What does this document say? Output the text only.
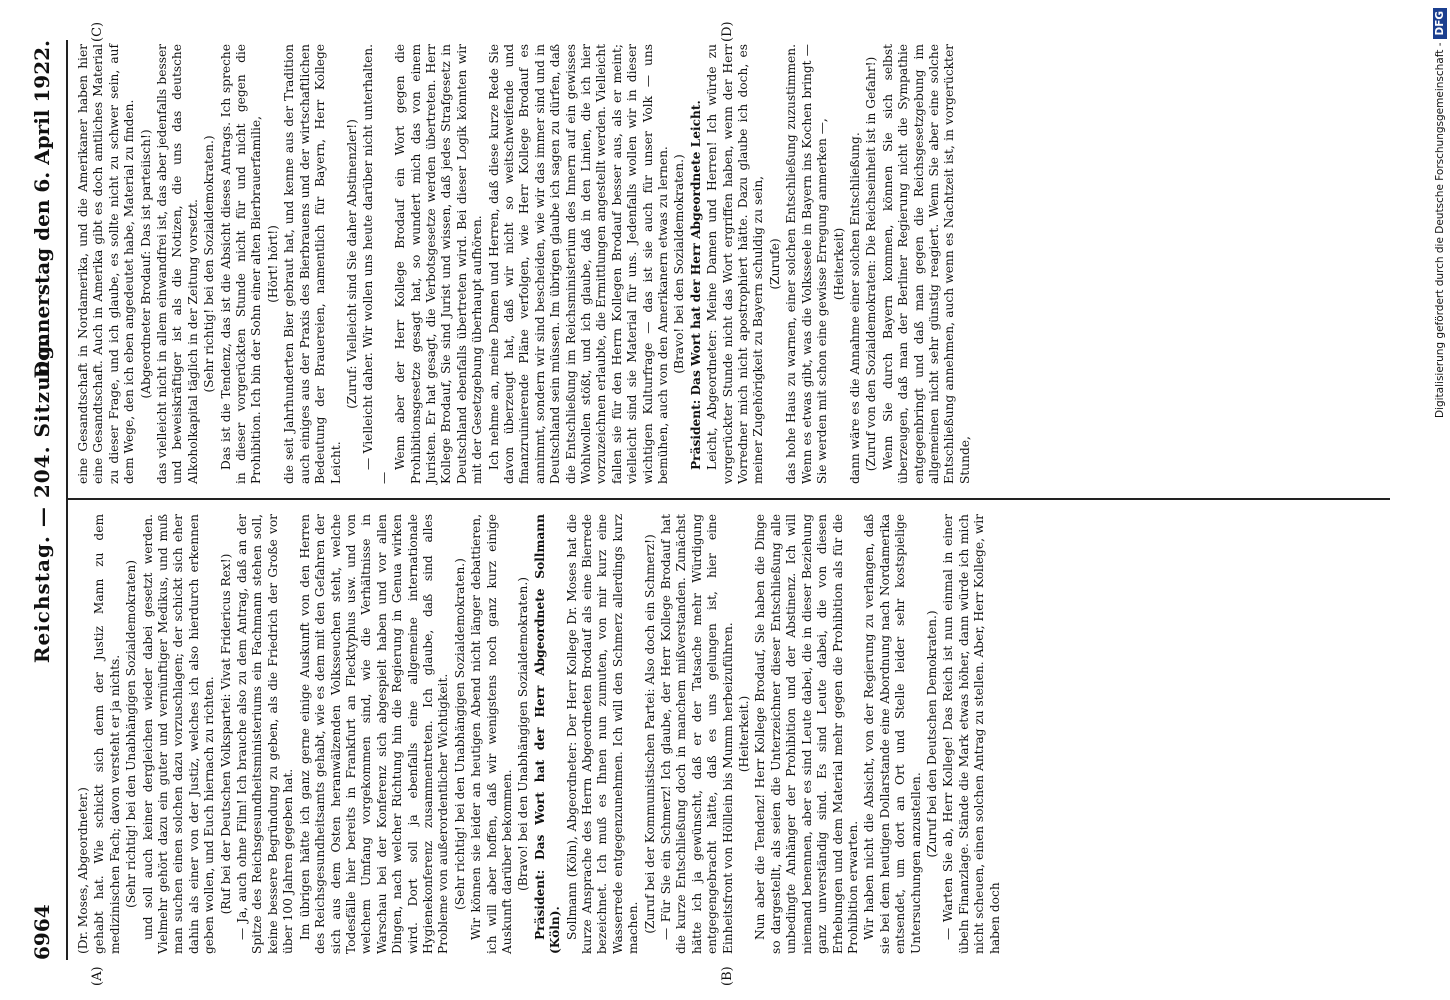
6964
Reichstag. — 204. Sitzung.
Donnerstag den 6. April 1922.
(A)	(B)
(C)	(D)

(Dr. Moses, Abgeordneter.) gehabt hat. Wie schickt sich denn der Justiz Mann zu dem medizinischen Fach; davon versteht er ja nichts. (Sehr richtig! bei den Unabhängigen Sozialdemokraten) und soll auch keiner dergleichen wieder dabei gesetzt werden. Vielmehr gehört dazu ein guter und vernünftiger Medikus, und muß man suchen einen solchen dazu vorzuschlagen; der schickt sich eher dahin als einer von der Justiz, welches ich also hierdurch erkennen geben wollen, und Euch hiernach zu richten. (Ruf bei der Deutschen Volkspartei: Vivat Fridericus Rex!) — Ja, auch ohne Film! Ich brauche also zu dem Antrag, daß an der Spitze des Reichsgesundheitsministeriums ein Fachmann stehen soll, keine bessere Begründung zu geben, als die Friedrich der Große vor über 100 Jahren gegeben hat. Im übrigen hätte ich ganz gerne einige Auskunft von den Herren des Reichsgesundheitsamts gehabt, wie es dem mit den Gefahren der sich aus dem Osten heranwälzenden Volksseuchen steht, welche Todesfälle hier bereits in Frankfurt an Flecktyphus usw. und von welchem Umfang vorgekommen sind, wie die Verhältnisse in Warschau bei der Konferenz sich abgespielt haben und vor allen Dingen, nach welcher Richtung hin die Regierung in Genua wirken wird. Dort soll ja ebenfalls eine allgemeine internationale Hygienekonferenz zusammentreten. Ich glaube, daß sind alles Probleme von außerordentlicher Wichtigkeit. (Sehr richtig! bei den Unabhängigen Sozialdemokraten.) Wir können sie leider an heutigen Abend nicht länger debattieren, ich will aber hoffen, daß wir wenigstens noch ganz kurz einige Auskunft darüber bekommen. (Bravo! bei den Unabhängigen Sozialdemokraten.) Präsident: Das Wort hat der Herr Abgeordnete Sollmann (Köln). Sollmann (Köln), Abgeordneter: Der Herr Kollege Dr. Moses hat die kurze Ansprache des Herrn Abgeordneten Brodauf als eine Bierrede bezeichnet. Ich muß es Ihnen nun zumuten, von mir kurz eine Wasserrede entgegenzunehmen. Ich will den Schmerz allerdings kurz machen. (Zuruf bei der Kommunistischen Partei: Also doch ein Schmerz!) — Für Sie ein Schmerz! Ich glaube, der Herr Kollege Brodauf hat die kurze Entschließung doch in manchem mißverstanden. Zunächst hätte ich ja gewünscht, daß er der Tatsache mehr Würdigung entgegengebracht hätte, daß es uns gelungen ist, hier eine Einheitsfront von Hölllein bis Mumm herbeizuführen. (Heiterkeit.) Nun aber die Tendenz! Herr Kollege Brodauf, Sie haben die Dinge so dargestellt, als seien die Unterzeichner dieser Entschließung alle unbedingte Anhänger der Prohibition und der Abstinenz. Ich will niemand benennen, aber es sind Leute dabei, die in dieser Beziehung ganz unverständig sind. Es sind Leute dabei, die von diesen Erhebungen und dem Material mehr gegen die Prohibition als für die Prohibition erwarten. Wir haben nicht die Absicht, von der Regierung zu verlangen, daß sie bei dem heutigen Dollarstande eine Abordnung nach Nordamerika entsendet, um dort an Ort und Stelle leider sehr kostspielige Untersuchungen anzustellen.

(Zuruf bei den Deutschen Demokraten.) — Warten Sie ab, Herr Kollege! Das Reich ist nun einmal in einer übeln Finanzlage. Stände die Mark etwas höher, dann würde ich mich nicht scheuen, einen solchen Antrag zu stellen. Aber, Herr Kollege, wir haben doch

eine Gesandtschaft in Nordamerika, und die Amerikaner haben hier eine Gesandtschaft. Auch in Amerika gibt es doch amtliches Material zu dieser Frage, und ich glaube, es sollte nicht zu schwer sein, auf dem Wege, den ich eben angedeutet habe, Material zu finden. (Abgeordneter Brodauf: Das ist parteiisch!) das vielleicht nicht in allem einwandfrei ist, das aber jedenfalls besser und beweiskräftiger ist als die Notizen, die uns das deutsche Alkoholkapital täglich in der Zeitung vorsetzt. (Sehr richtig! bei den Sozialdemokraten.) Das ist die Tendenz, das ist die Absicht dieses Antrags. Ich spreche in dieser vorgerückten Stunde nicht für und nicht gegen die Prohibition. Ich bin der Sohn einer alten Bierbrauerfamilie, (Hört! hört!) die seit Jahrhunderten Bier gebraut hat, und kenne aus der Tradition auch einiges aus der Praxis des Bierbrauens und der wirtschaftlichen Bedeutung der Brauereien, namentlich für Bayern, Herr Kollege Leicht.

(Zuruf: Vielleicht sind Sie daher Abstinenzler!) — Vielleicht daher. Wir wollen uns heute darüber nicht unterhalten. —

Wenn aber der Herr Kollege Brodauf ein Wort gegen die Prohibitionsgesetze gesagt hat, so wundert mich das von einem Juristen. Er hat gesagt, die Verbotsgesetze werden übertreten. Herr Kollege Brodauf, Sie sind Jurist und wissen, daß jedes Strafgesetz in Deutschland ebenfalls übertreten wird. Bei dieser Logik könnten wir mit der Gesetzgebung überhaupt aufhören. Ich nehme an, meine Damen und Herren, daß diese kurze Rede Sie davon überzeugt hat, daß wir nicht so weitschweifende und finanzruinierende Pläne verfolgen, wie Herr Kollege Brodauf es annimmt, sondern wir sind bescheiden, wie wir das immer sind und in Deutschland sein müssen. Im übrigen glaube ich sagen zu dürfen, daß die Entschließung im Reichsministerium des Innern auf ein gewisses Wohlwollen stößt, und ich glaube, daß in den Linien, die ich hier vorzuzeichnen erlaubte, die Ermittlungen angestellt werden. Vielleicht fallen sie für den Herrn Kollegen Brodauf besser aus, als er meint; vielleicht sind sie Material für uns. Jedenfalls wollen wir in dieser wichtigen Kulturfrage — das ist sie auch für unser Volk — uns bemühen, auch von den Amerikanern etwas zu lernen. (Bravo! bei den Sozialdemokraten.) Präsident: Das Wort hat der Herr Abgeordnete Leicht. Leicht, Abgeordneter: Meine Damen und Herren! Ich würde zu vorgerückter Stunde nicht das Wort ergriffen haben, wenn der Herr Vorredner mich nicht apostrophiert hätte. Dazu glaube ich doch, es meiner Zugehörigkeit zu Bayern schuldig zu sein, (Zurufe) das hohe Haus zu warnen, einer solchen Entschließung zuzustimmen. Wenn es etwas gibt, was die Volksseele in Bayern ins Kochen bringt — Sie werden mit schon eine gewisse Erregung anmerken —, (Heiterkeit) dann wäre es die Annahme einer solchen Entschließung. (Zuruf von den Sozialdemokraten: Die Reichseinheit ist in Gefahr!) Wenn Sie durch Bayern kommen, können Sie sich selbst überzeugen, daß man der Berliner Regierung nicht die Sympathie entgegenbringt und daß man gegen die Reichsgesetzgebung im allgemeinen nicht sehr günstig reagiert. Wenn Sie aber eine solche Entschließung annehmen, auch wenn es Nachtzeit ist, in vorgerückter Stunde,

Digitalisierung gefördert durch die Deutsche Forschungsgemeinschaft -DFG
